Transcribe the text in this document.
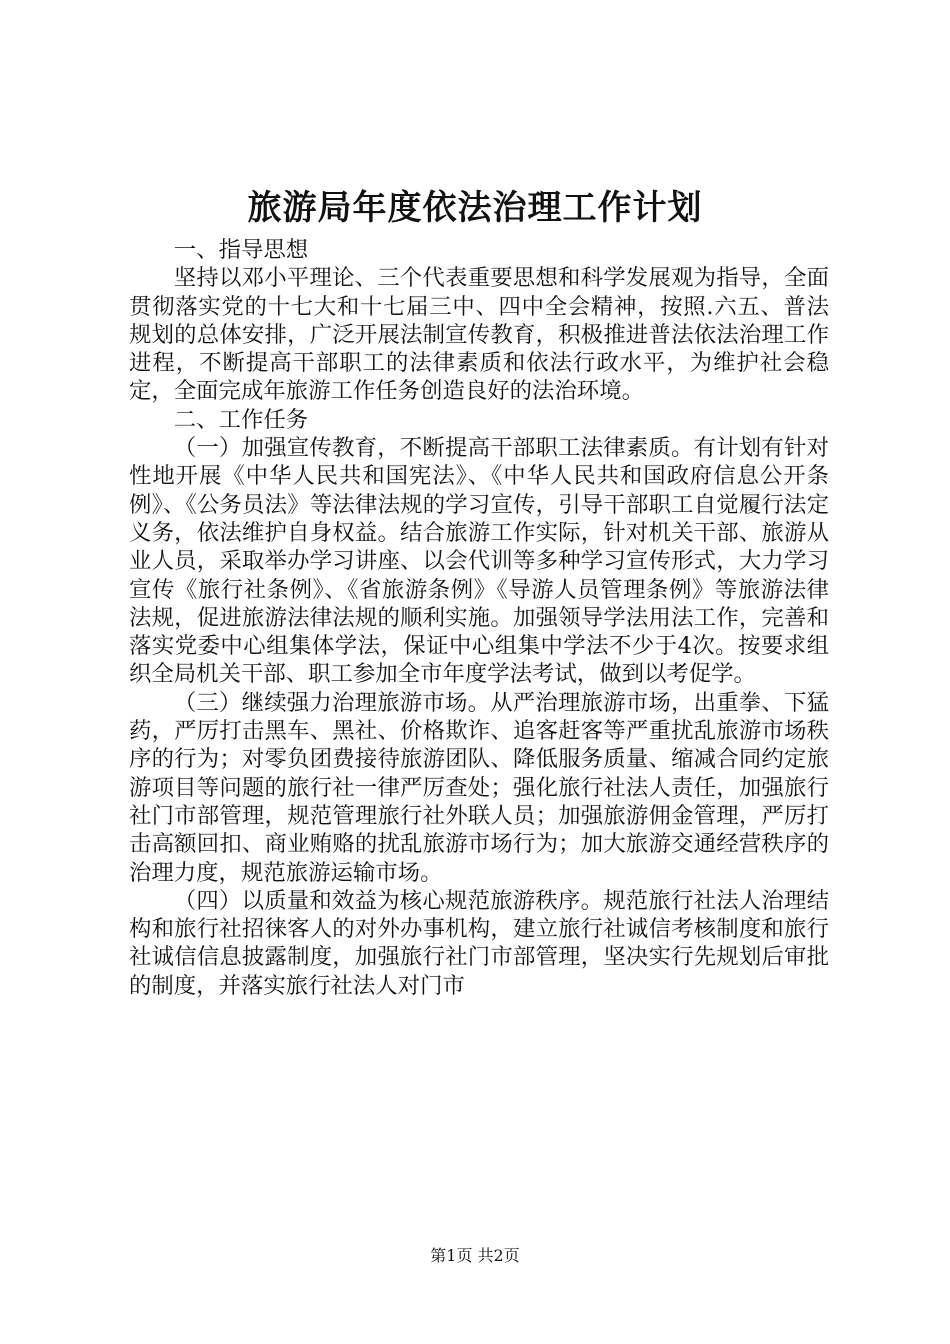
旅游局年度依法治理工作计划

一、指导思想

坚持以邓小平理论、三个代表重要思想和科学发展观为指导，全面贯彻落实党的十七大和十七届三中、四中全会精神，按照.六五、普法规划的总体安排，广泛开展法制宣传教育，积极推进普法依法治理工作进程，不断提高干部职工的法律素质和依法行政水平，为维护社会稳定，全面完成年旅游工作任务创造良好的法治环境。

二、工作任务

（一）加强宣传教育，不断提高干部职工法律素质。有计划有针对性地开展《中华人民共和国宪法》、《中华人民共和国政府信息公开条例》、《公务员法》等法律法规的学习宣传，引导干部职工自觉履行法定义务，依法维护自身权益。结合旅游工作实际，针对机关干部、旅游从业人员，采取举办学习讲座、以会代训等多种学习宣传形式，大力学习宣传《旅行社条例》、《省旅游条例》《导游人员管理条例》等旅游法律法规，促进旅游法律法规的顺利实施。加强领导学法用法工作，完善和落实党委中心组集体学法，保证中心组集中学法不少于4次。按要求组织全局机关干部、职工参加全市年度学法考试，做到以考促学。

（三）继续强力治理旅游市场。从严治理旅游市场，出重拳、下猛药，严厉打击黑车、黑社、价格欺诈、追客赶客等严重扰乱旅游市场秩序的行为；对零负团费接待旅游团队、降低服务质量、缩减合同约定旅游项目等问题的旅行社一律严厉查处；强化旅行社法人责任，加强旅行社门市部管理，规范管理旅行社外联人员；加强旅游佣金管理，严厉打击高额回扣、商业贿赂的扰乱旅游市场行为；加大旅游交通经营秩序的治理力度，规范旅游运输市场。

（四）以质量和效益为核心规范旅游秩序。规范旅行社法人治理结构和旅行社招徕客人的对外办事机构，建立旅行社诚信考核制度和旅行社诚信信息披露制度，加强旅行社门市部管理，坚决实行先规划后审批的制度，并落实旅行社法人对门市

第1页 共2页
